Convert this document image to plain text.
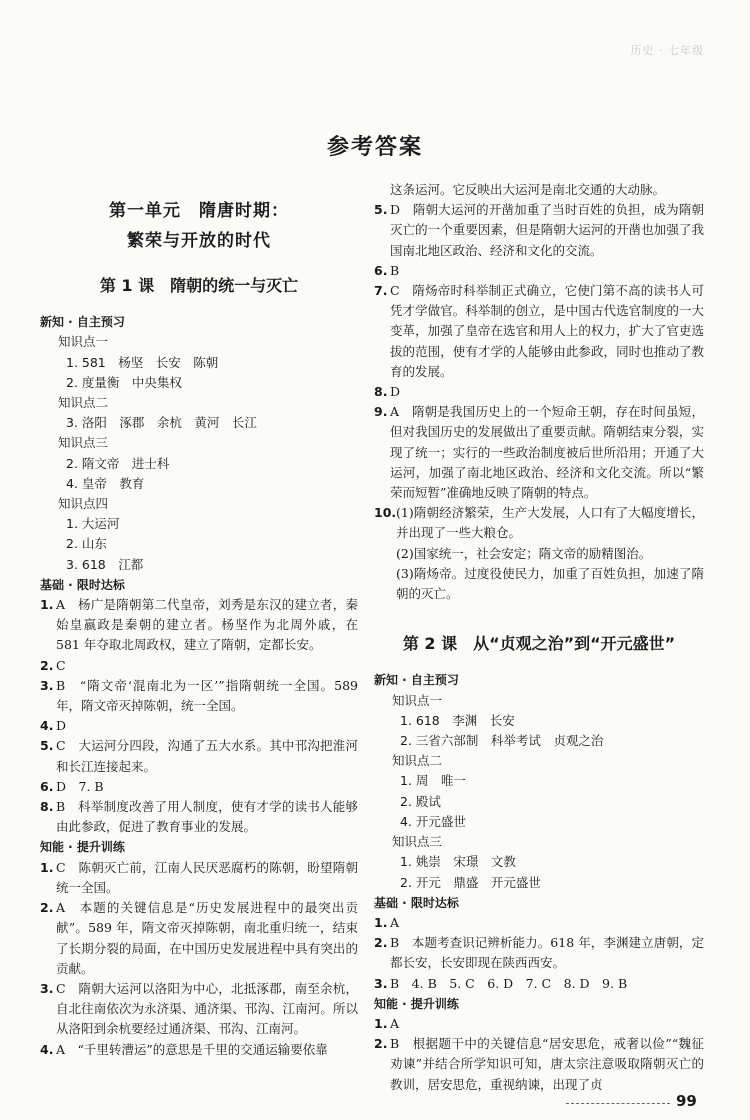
历史 · 七年级
参考答案
第一单元　隋唐时期：
繁荣与开放的时代
第 1 课　隋朝的统一与灭亡
新知 · 自主预习
知识点一
1. 581　杨坚　长安　陈朝
2. 度量衡　中央集权
知识点二
3. 洛阳　涿郡　余杭　黄河　长江
知识点三
2. 隋文帝　进士科
4. 皇帝　教育
知识点四
1. 大运河
2. 山东
3. 618　江都
基础 · 限时达标
1. A　杨广是隋朝第二代皇帝，刘秀是东汉的建立者，秦始皇嬴政是秦朝的建立者。杨坚作为北周外戚，在 581 年夺取北周政权，建立了隋朝，定都长安。
2. C
3. B　“隋文帝‘混南北为一区’”指隋朝统一全国。589 年，隋文帝灭掉陈朝，统一全国。
4. D
5. C　大运河分四段，沟通了五大水系。其中邗沟把淮河和长江连接起来。
6. D　7. B
8. B　科举制度改善了用人制度，使有才学的读书人能够由此参政，促进了教育事业的发展。
知能 · 提升训练
1. C　陈朝灭亡前，江南人民厌恶腐朽的陈朝，盼望隋朝统一全国。
2. A　本题的关键信息是“历史发展进程中的最突出贡献”。589 年，隋文帝灭掉陈朝，南北重归统一，结束了长期分裂的局面，在中国历史发展进程中具有突出的贡献。
3. C　隋朝大运河以洛阳为中心，北抵涿郡，南至余杭，自北往南依次为永济渠、通济渠、邗沟、江南河。所以从洛阳到余杭要经过通济渠、邗沟、江南河。
4. A　“千里转漕运”的意思是千里的交通运输要依靠
这条运河。它反映出大运河是南北交通的大动脉。
5. D　隋朝大运河的开凿加重了当时百姓的负担，成为隋朝灭亡的一个重要因素，但是隋朝大运河的开凿也加强了我国南北地区政治、经济和文化的交流。
6. B
7. C　隋炀帝时科举制正式确立，它使门第不高的读书人可凭才学做官。科举制的创立，是中国古代选官制度的一大变革，加强了皇帝在选官和用人上的权力，扩大了官吏选拔的范围，使有才学的人能够由此参政，同时也推动了教育的发展。
8. D
9. A　隋朝是我国历史上的一个短命王朝，存在时间虽短，但对我国历史的发展做出了重要贡献。隋朝结束分裂，实现了统一；实行的一些政治制度被后世所沿用；开通了大运河，加强了南北地区政治、经济和文化交流。所以“繁荣而短暂”准确地反映了隋朝的特点。
10. (1)隋朝经济繁荣，生产大发展，人口有了大幅度增长，并出现了一些大粮仓。
(2)国家统一，社会安定；隋文帝的励精图治。
(3)隋炀帝。过度役使民力，加重了百姓负担，加速了隋朝的灭亡。
第 2 课　从“贞观之治”到“开元盛世”
新知 · 自主预习
知识点一
1. 618　李渊　长安
2. 三省六部制　科举考试　贞观之治
知识点二
1. 周　唯一
2. 殿试
4. 开元盛世
知识点三
1. 姚崇　宋璟　文教
2. 开元　鼎盛　开元盛世
基础 · 限时达标
1. A
2. B　本题考查识记辨析能力。618 年，李渊建立唐朝，定都长安，长安即现在陕西西安。
3. B　4. B　5. C　6. D　7. C　8. D　9. B
知能 · 提升训练
1. A
2. B　根据题干中的关键信息“居安思危，戒奢以俭”“魏征劝谏”并结合所学知识可知，唐太宗注意吸取隋朝灭亡的教训，居安思危，重视纳谏，出现了贞
99
